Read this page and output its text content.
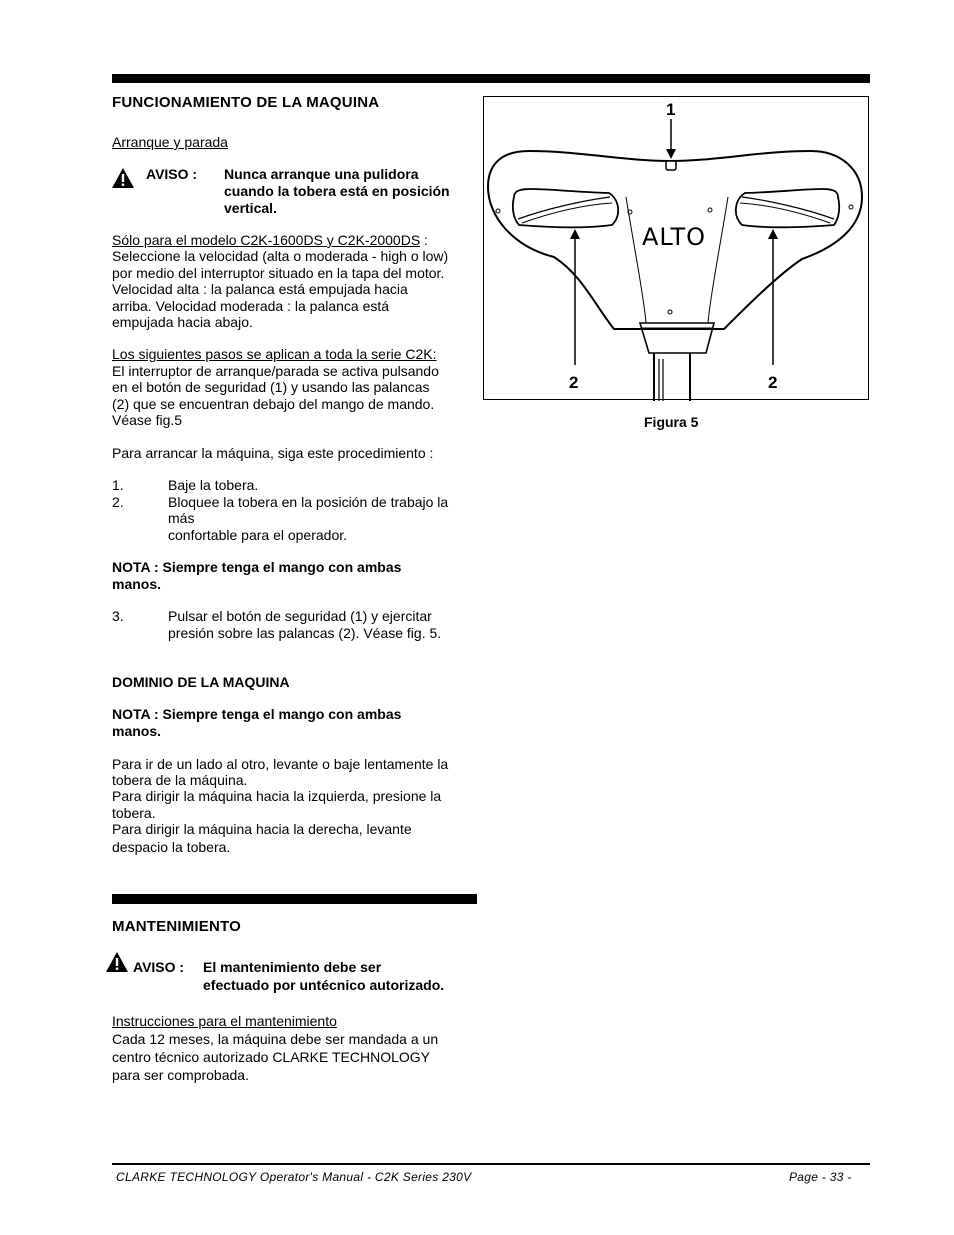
FUNCIONAMIENTO DE LA MAQUINA
Arranque y parada
AVISO : Nunca arranque una pulidora
cuando la tobera está en posición
vertical.
Sólo para el modelo C2K-1600DS y C2K-2000DS :
Seleccione la velocidad (alta o moderada - high o low)
por medio del interruptor situado en la tapa del motor.
Velocidad alta : la palanca está empujada hacia
arriba. Velocidad moderada : la palanca está
empujada hacia abajo.
Los siguientes pasos se aplican a toda la serie C2K:
El interruptor de arranque/parada se activa pulsando
en el botón de seguridad (1) y usando las palancas
(2) que se encuentran debajo del mango de mando.
Véase fig.5
Para arrancar la máquina, siga este procedimiento :
1.	Baje la tobera.
2.	Bloquee la tobera en la posición de trabajo la
más
confortable para el operador.
NOTA : Siempre tenga el mango con ambas
manos.
3.	Pulsar el botón de seguridad (1) y ejercitar
presión sobre las palancas (2). Véase fig. 5.
DOMINIO DE LA MAQUINA
NOTA : Siempre tenga el mango con ambas
manos.
Para ir de un lado al otro, levante o baje lentamente la
tobera de la máquina.
Para dirigir la máquina hacia la izquierda, presione la
tobera.
Para dirigir la máquina hacia la derecha, levante
despacio la tobera.
MANTENIMIENTO
AVISO : El mantenimiento debe ser
efectuado por untécnico autorizado.
Instrucciones para el mantenimiento
Cada 12 meses, la máquina debe ser mandada a un
centro técnico autorizado CLARKE TECHNOLOGY
para ser comprobada.
1
2	2
ALTO
Figura 5
CLARKE TECHNOLOGY Operator's Manual - C2K Series 230V	Page - 33 -
